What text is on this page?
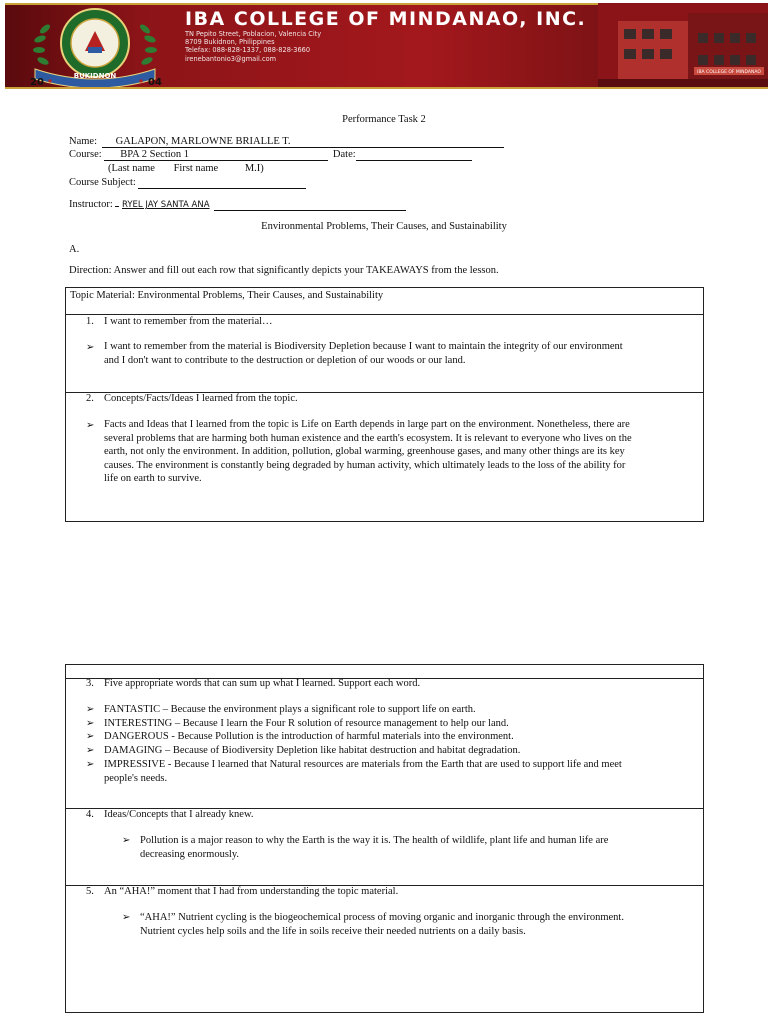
BUKIDNON
20	04
IBA COLLEGE OF MINDANAO, INC.
TN Pepito Street, Poblacion, Valencia City
8709 Bukidnon, Philippines
Telefax: 088-828-1337, 088-828-3660
irenebantonio3@gmail.com
IBA COLLEGE OF MINDANAO
Performance Task 2
Name: GALAPON, MARLOWNE BRIALLE T.
Course: BPA 2 Section 1	Date:
(Last name First name	M.I)
Course Subject:
Instructor: RYEL JAY SANTA ANA
Environmental Problems, Their Causes, and Sustainability
A.
Direction: Answer and fill out each row that significantly depicts your TAKEAWAYS from the lesson.
Topic Material: Environmental Problems, Their Causes, and Sustainability
1. I want to remember from the material…
➢ I want to remember from the material is Biodiversity Depletion because I want to maintain the integrity of our environment
and I don't want to contribute to the destruction or depletion of our woods or our land.
2. Concepts/Facts/Ideas I learned from the topic.
➢ Facts and Ideas that I learned from the topic is Life on Earth depends in large part on the environment. Nonetheless, there are
several problems that are harming both human existence and the earth's ecosystem. It is relevant to everyone who lives on the
earth, not only the environment. In addition, pollution, global warming, greenhouse gases, and many other things are its key
causes. The environment is constantly being degraded by human activity, which ultimately leads to the loss of the ability for
life on earth to survive.
3. Five appropriate words that can sum up what I learned. Support each word.
➢ FANTASTIC – Because the environment plays a significant role to support life on earth.
➢ INTERESTING – Because I learn the Four R solution of resource management to help our land.
➢ DANGEROUS - Because Pollution is the introduction of harmful materials into the environment.
➢ DAMAGING – Because of Biodiversity Depletion like habitat destruction and habitat degradation.
➢ IMPRESSIVE - Because I learned that Natural resources are materials from the Earth that are used to support life and meet
people's needs.
4. Ideas/Concepts that I already knew.
➢ Pollution is a major reason to why the Earth is the way it is. The health of wildlife, plant life and human life are
decreasing enormously.
5. An “AHA!” moment that I had from understanding the topic material.
➢ “AHA!” Nutrient cycling is the biogeochemical process of moving organic and inorganic through the environment.
Nutrient cycles help soils and the life in soils receive their needed nutrients on a daily basis.
